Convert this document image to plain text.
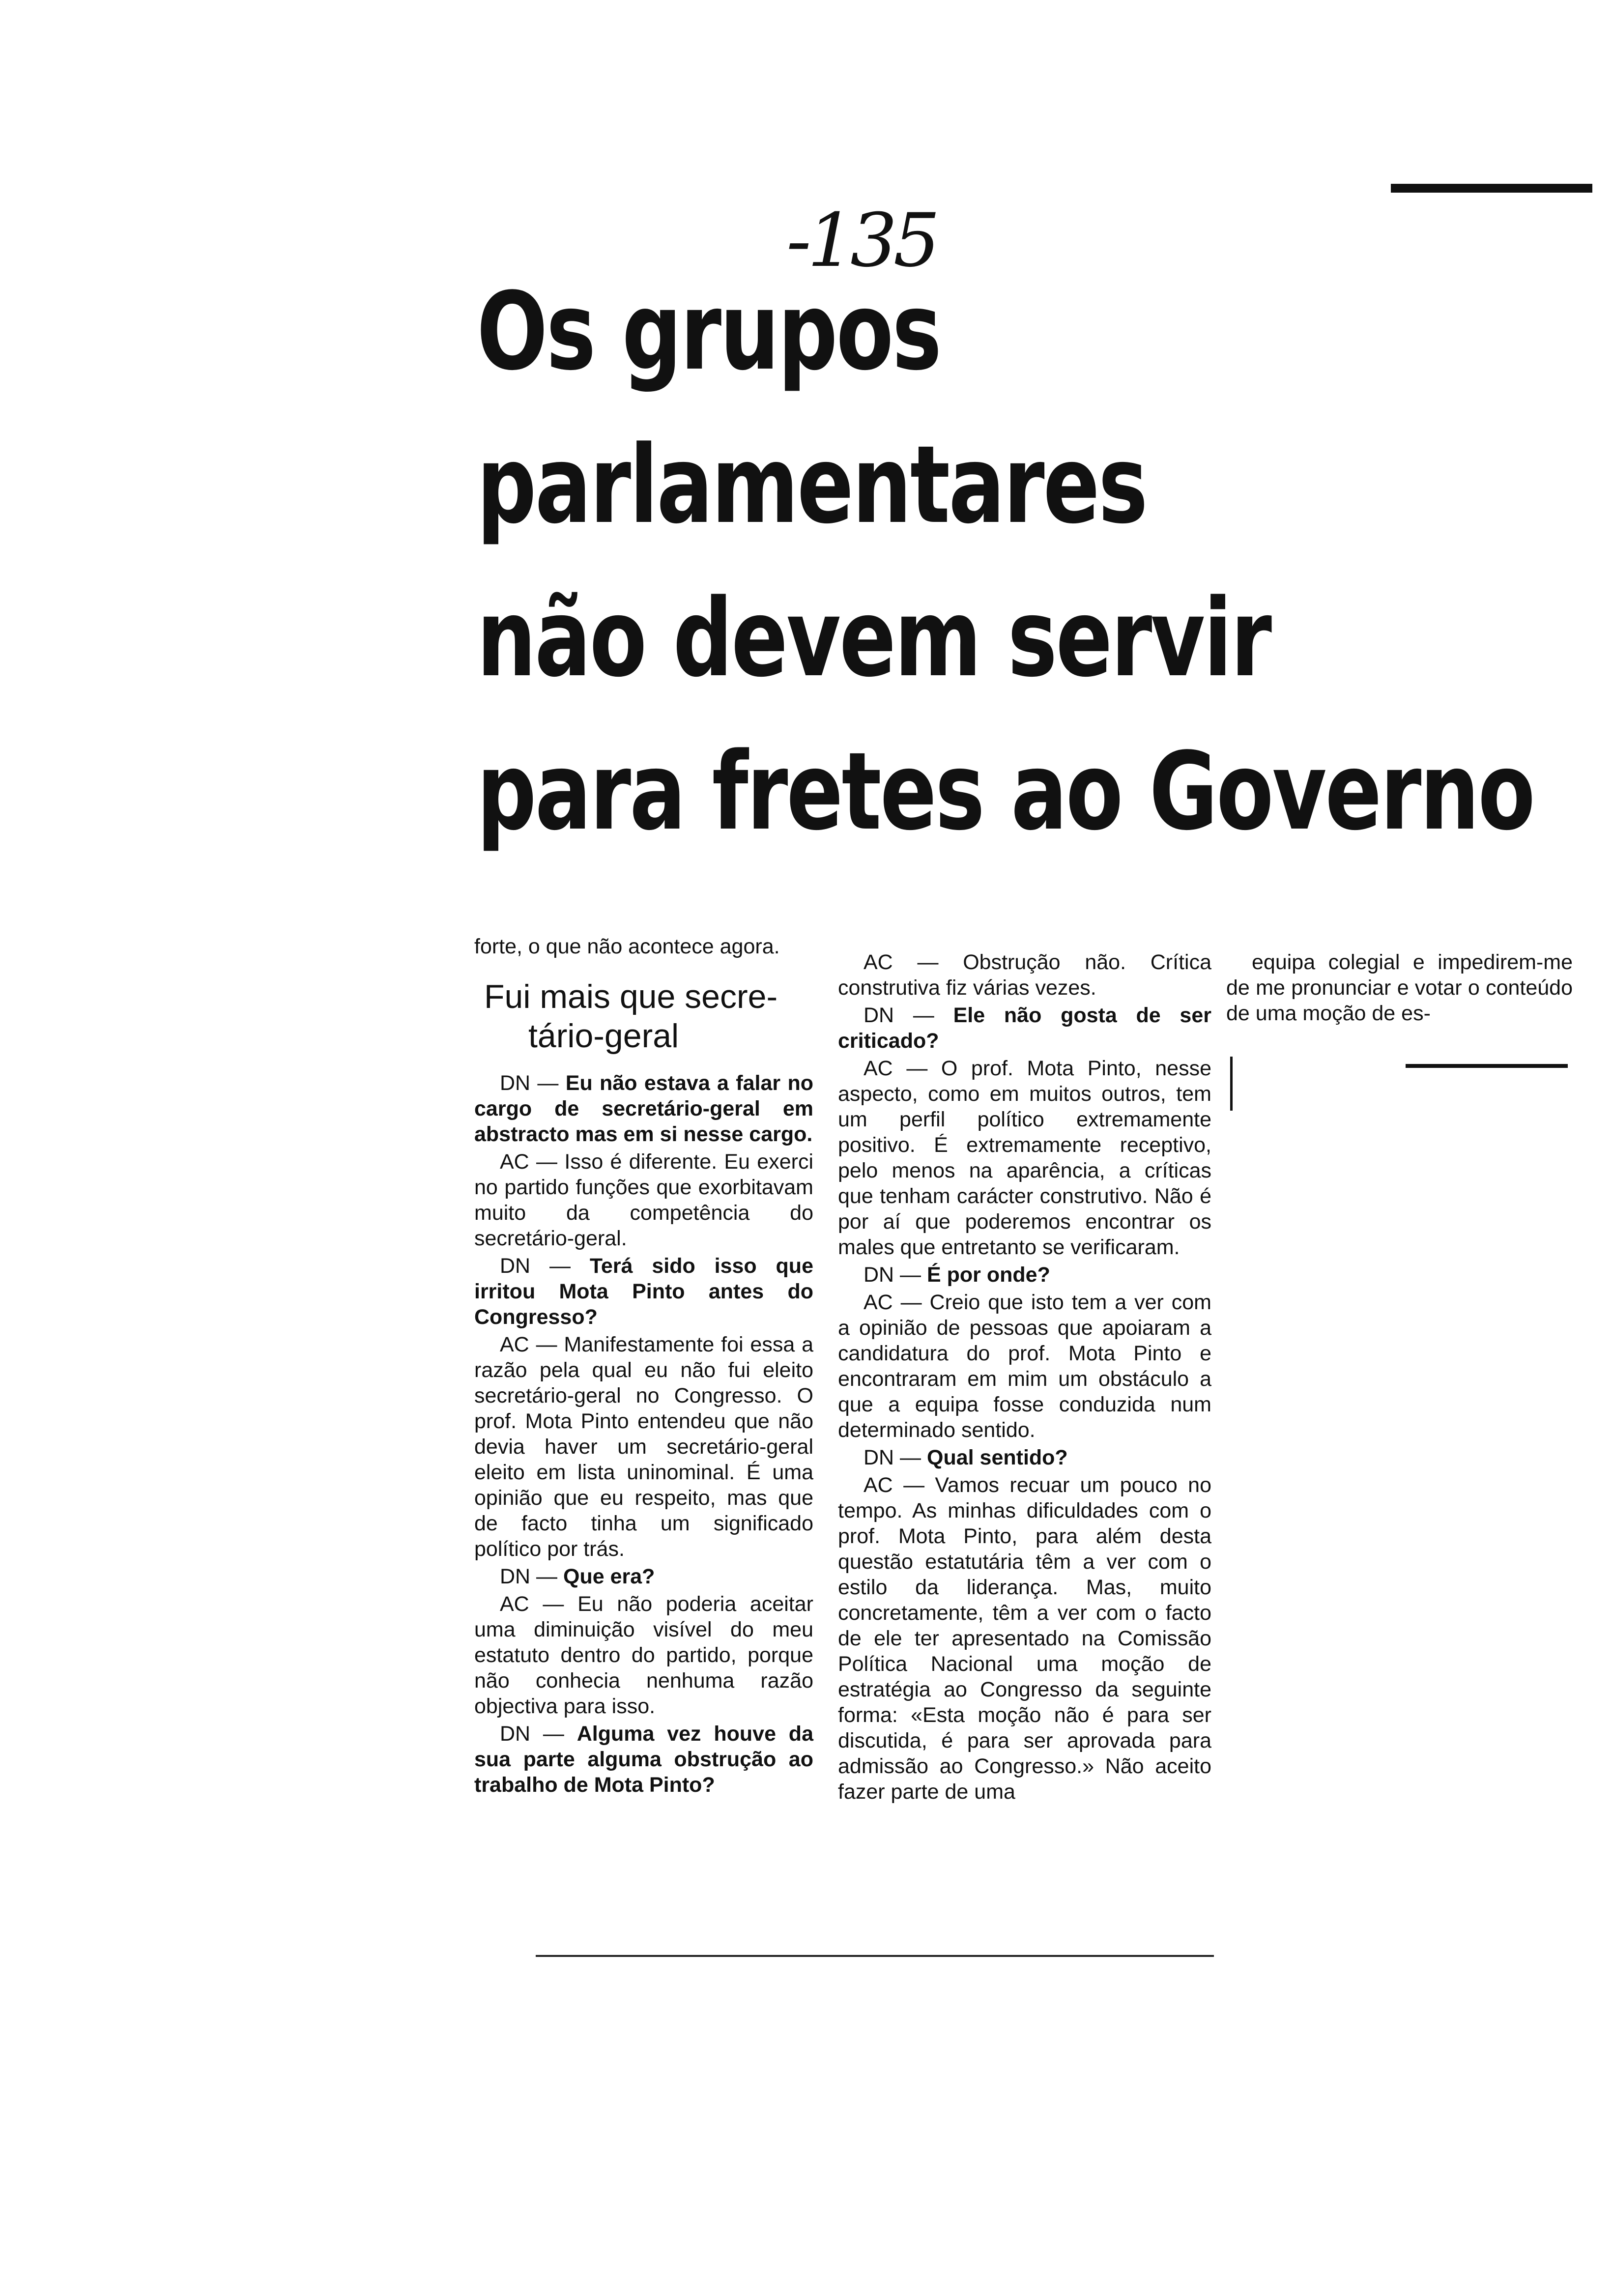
-135
Os grupos
parlamentares
não devem servir
para fretes ao Governo

forte, o que não acontece agora.

Fui mais que secre-
tário-geral

DN — Eu não estava a falar no cargo de secretário-geral em abstracto mas em si nesse cargo.

AC — Isso é diferente. Eu exerci no partido funções que exorbitavam muito da competência do secretário-geral.

DN — Terá sido isso que irritou Mota Pinto antes do Congresso?

AC — Manifestamente foi essa a razão pela qual eu não fui eleito secretário-geral no Congresso. O prof. Mota Pinto entendeu que não devia haver um secretário-geral eleito em lista uninominal. É uma opinião que eu respeito, mas que de facto tinha um significado político por trás.

DN — Que era?

AC — Eu não poderia aceitar uma diminuição visível do meu estatuto dentro do partido, porque não conhecia nenhuma razão objectiva para isso.

DN — Alguma vez houve da sua parte alguma obstrução ao trabalho de Mota Pinto?

AC — Obstrução não. Crítica construtiva fiz várias vezes.

DN — Ele não gosta de ser criticado?

AC — O prof. Mota Pinto, nesse aspecto, como em muitos outros, tem um perfil político extremamente positivo. É extremamente receptivo, pelo menos na aparência, a críticas que tenham carácter construtivo. Não é por aí que poderemos encontrar os males que entretanto se verificaram.

DN — É por onde?

AC — Creio que isto tem a ver com a opinião de pessoas que apoiaram a candidatura do prof. Mota Pinto e encontraram em mim um obstáculo a que a equipa fosse conduzida num determinado sentido.

DN — Qual sentido?

AC — Vamos recuar um pouco no tempo. As minhas dificuldades com o prof. Mota Pinto, para além desta questão estatutária têm a ver com o estilo da liderança. Mas, muito concretamente, têm a ver com o facto de ele ter apresentado na Comissão Política Nacional uma moção de estratégia ao Congresso da seguinte forma: «Esta moção não é para ser discutida, é para ser aprovada para admissão ao Congresso.» Não aceito fazer parte de uma

equipa colegial e impedirem-me de me pronunciar e votar o conteúdo de uma moção de es-
